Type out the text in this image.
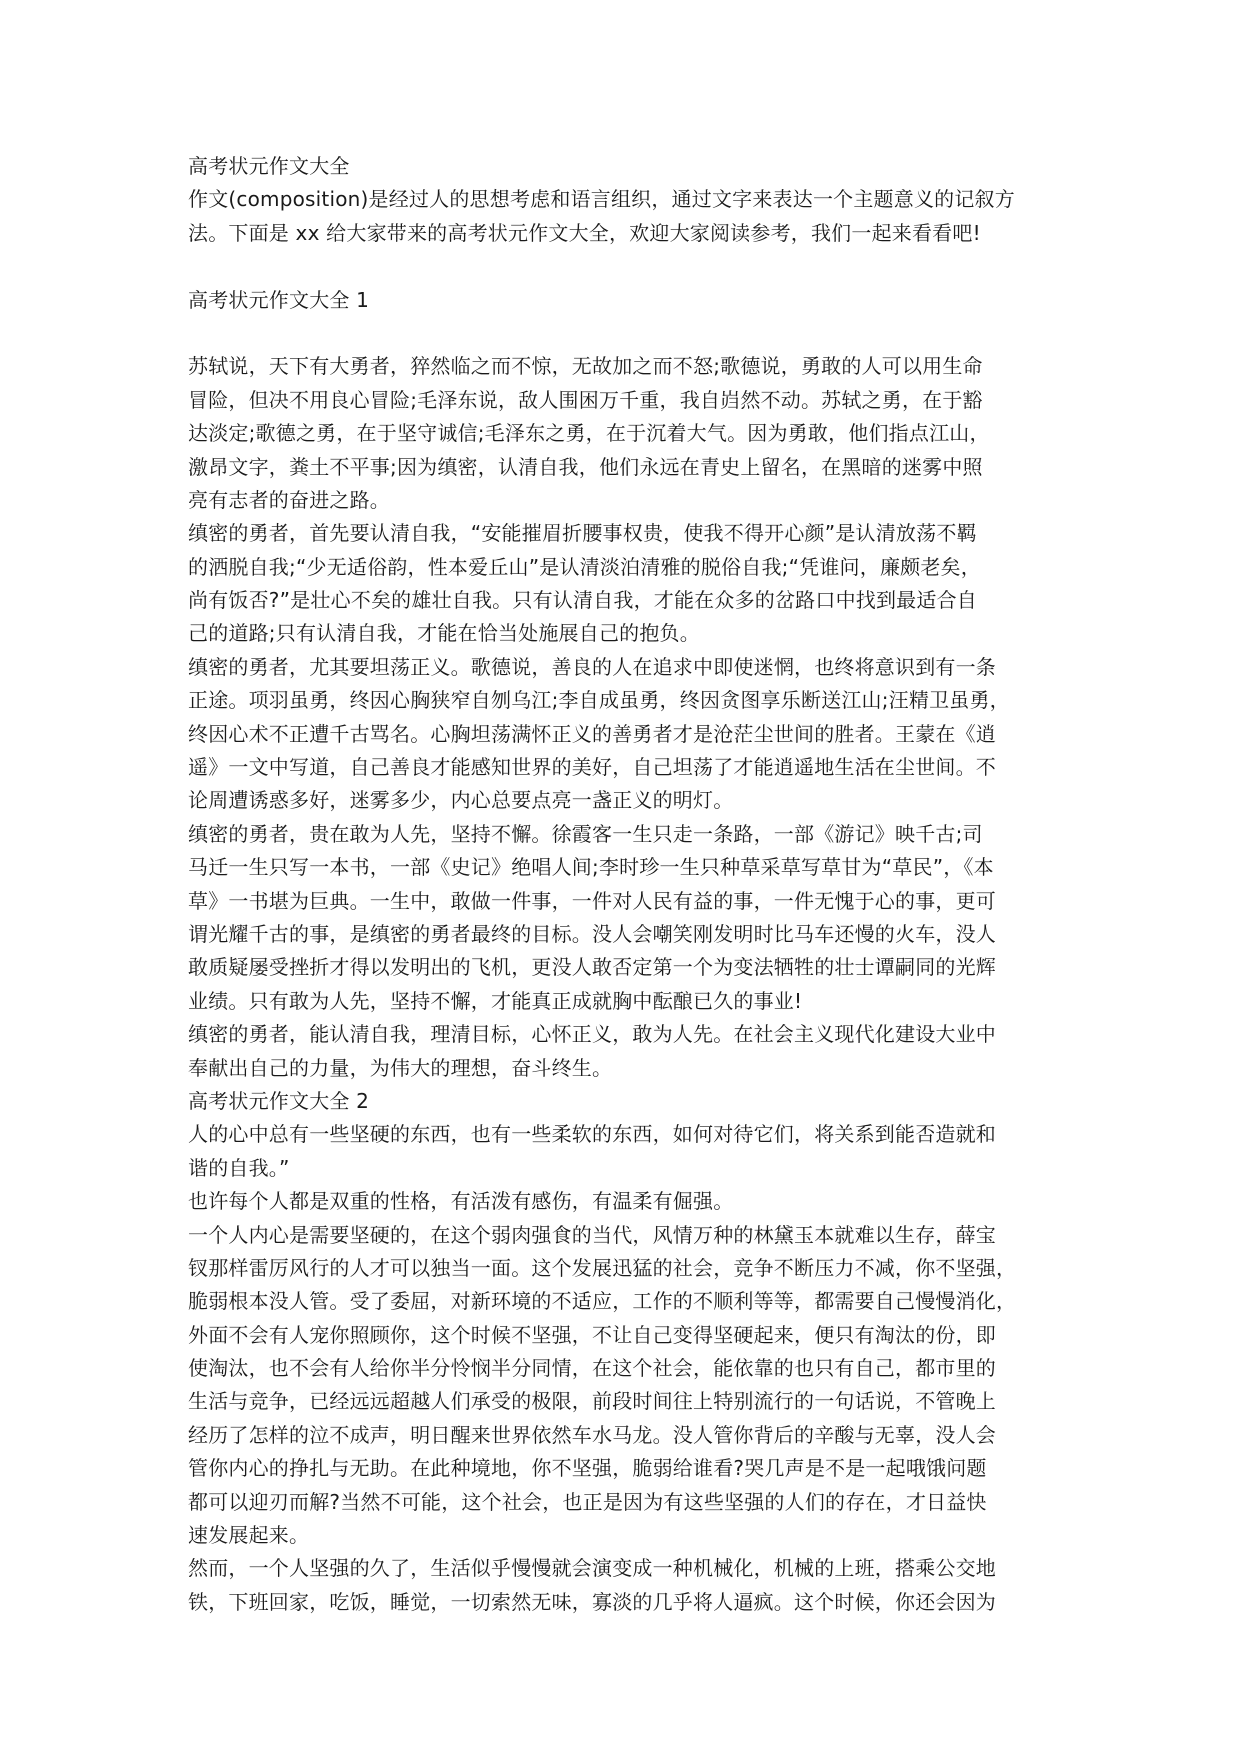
高考状元作文大全
作文(composition)是经过人的思想考虑和语言组织，通过文字来表达一个主题意义的记叙方
法。下面是 xx 给大家带来的高考状元作文大全，欢迎大家阅读参考，我们一起来看看吧!
高考状元作文大全 1
苏轼说，天下有大勇者，猝然临之而不惊，无故加之而不怒;歌德说，勇敢的人可以用生命
冒险，但决不用良心冒险;毛泽东说，敌人围困万千重，我自岿然不动。苏轼之勇，在于豁
达淡定;歌德之勇，在于坚守诚信;毛泽东之勇，在于沉着大气。因为勇敢，他们指点江山，
激昂文字，粪土不平事;因为缜密，认清自我，他们永远在青史上留名，在黑暗的迷雾中照
亮有志者的奋进之路。
缜密的勇者，首先要认清自我，“安能摧眉折腰事权贵，使我不得开心颜”是认清放荡不羁
的洒脱自我;“少无适俗韵，性本爱丘山”是认清淡泊清雅的脱俗自我;“凭谁问，廉颇老矣，
尚有饭否?”是壮心不矣的雄壮自我。只有认清自我，才能在众多的岔路口中找到最适合自
己的道路;只有认清自我，才能在恰当处施展自己的抱负。
缜密的勇者，尤其要坦荡正义。歌德说，善良的人在追求中即使迷惘，也终将意识到有一条
正途。项羽虽勇，终因心胸狭窄自刎乌江;李自成虽勇，终因贪图享乐断送江山;汪精卫虽勇，
终因心术不正遭千古骂名。心胸坦荡满怀正义的善勇者才是沧茫尘世间的胜者。王蒙在《逍
遥》一文中写道，自己善良才能感知世界的美好，自己坦荡了才能逍遥地生活在尘世间。不
论周遭诱惑多好，迷雾多少，内心总要点亮一盏正义的明灯。
缜密的勇者，贵在敢为人先，坚持不懈。徐霞客一生只走一条路，一部《游记》映千古;司
马迁一生只写一本书，一部《史记》绝唱人间;李时珍一生只种草采草写草甘为“草民”，《本
草》一书堪为巨典。一生中，敢做一件事，一件对人民有益的事，一件无愧于心的事，更可
谓光耀千古的事，是缜密的勇者最终的目标。没人会嘲笑刚发明时比马车还慢的火车，没人
敢质疑屡受挫折才得以发明出的飞机，更没人敢否定第一个为变法牺牲的壮士谭嗣同的光辉
业绩。只有敢为人先，坚持不懈，才能真正成就胸中酝酿已久的事业!
缜密的勇者，能认清自我，理清目标，心怀正义，敢为人先。在社会主义现代化建设大业中
奉献出自己的力量，为伟大的理想，奋斗终生。
高考状元作文大全 2
人的心中总有一些坚硬的东西，也有一些柔软的东西，如何对待它们，将关系到能否造就和
谐的自我。”
也许每个人都是双重的性格，有活泼有感伤，有温柔有倔强。
一个人内心是需要坚硬的，在这个弱肉强食的当代，风情万种的林黛玉本就难以生存，薛宝
钗那样雷厉风行的人才可以独当一面。这个发展迅猛的社会，竞争不断压力不减，你不坚强，
脆弱根本没人管。受了委屈，对新环境的不适应，工作的不顺利等等，都需要自己慢慢消化，
外面不会有人宠你照顾你，这个时候不坚强，不让自己变得坚硬起来，便只有淘汰的份，即
使淘汰，也不会有人给你半分怜悯半分同情，在这个社会，能依靠的也只有自己，都市里的
生活与竞争，已经远远超越人们承受的极限，前段时间往上特别流行的一句话说，不管晚上
经历了怎样的泣不成声，明日醒来世界依然车水马龙。没人管你背后的辛酸与无辜，没人会
管你内心的挣扎与无助。在此种境地，你不坚强，脆弱给谁看?哭几声是不是一起哦饿问题
都可以迎刃而解?当然不可能，这个社会，也正是因为有这些坚强的人们的存在，才日益快
速发展起来。
然而，一个人坚强的久了，生活似乎慢慢就会演变成一种机械化，机械的上班，搭乘公交地
铁，下班回家，吃饭，睡觉，一切索然无味，寡淡的几乎将人逼疯。这个时候，你还会因为
